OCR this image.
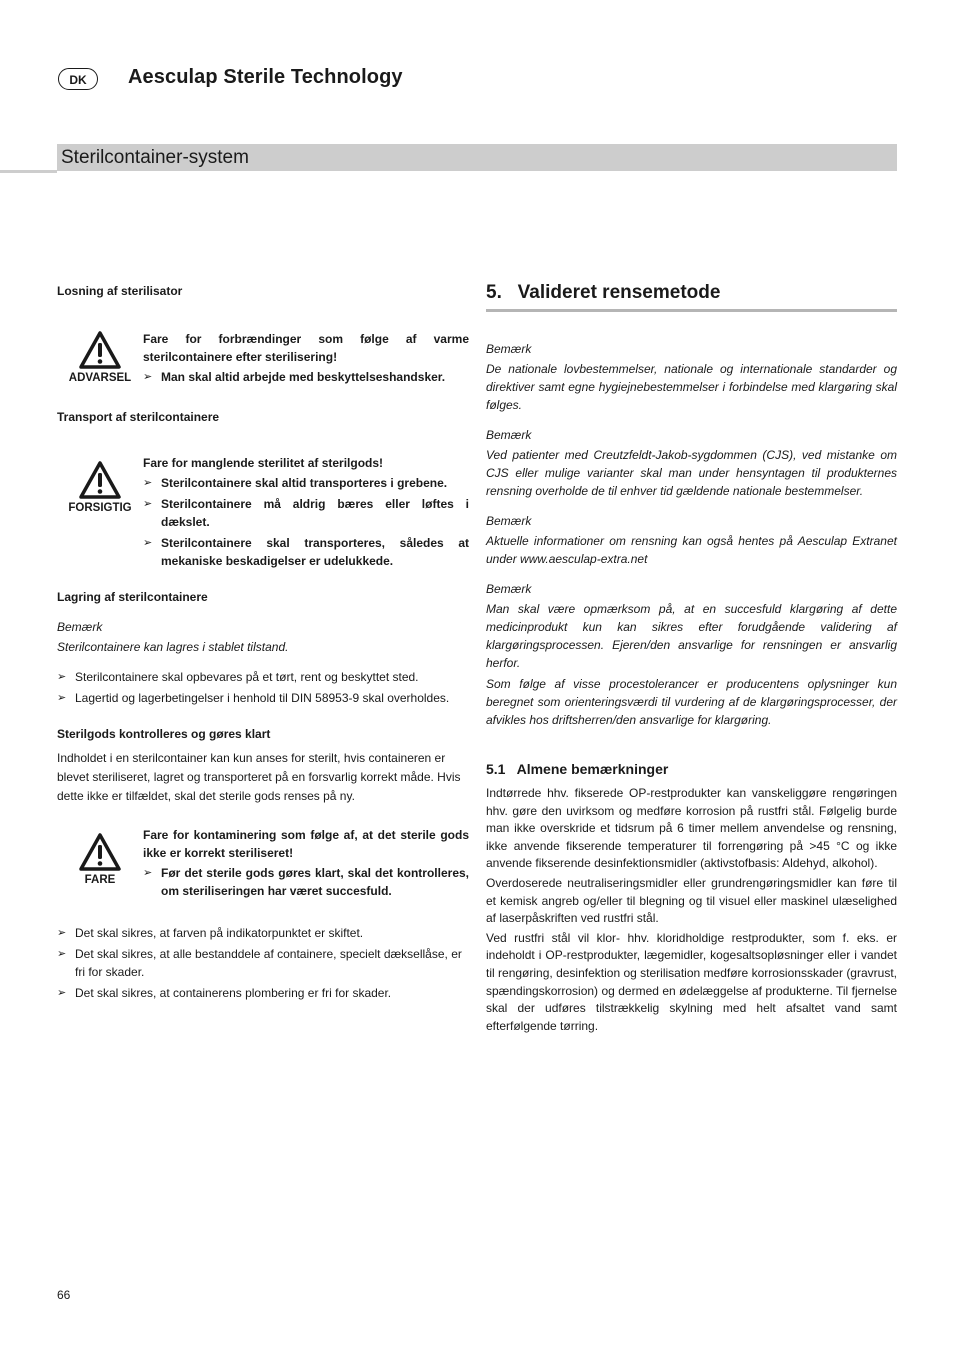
DK	Aesculap Sterile Technology
Sterilcontainer-system

Losning af sterilisator

ADVARSEL

Fare for forbrændinger som følge af varme sterilcontainere efter sterilisering!

➢ Man skal altid arbejde med beskyttelseshandsker.

Transport af sterilcontainere

FORSIGTIG

Fare for manglende sterilitet af sterilgods!

➢ Sterilcontainere skal altid transporteres i grebene.
➢ Sterilcontainere må aldrig bæres eller løftes i dækslet.
➢ Sterilcontainere skal transporteres, således at mekaniske beskadigelser er udelukkede.

Lagring af sterilcontainere

Bemærk

Sterilcontainere kan lagres i stablet tilstand.

➢ Sterilcontainere skal opbevares på et tørt, rent og beskyttet sted.
➢ Lagertid og lagerbetingelser i henhold til DIN 58953-9 skal overholdes.

Sterilgods kontrolleres og gøres klart

Indholdet i en sterilcontainer kan kun anses for sterilt, hvis containeren er blevet steriliseret, lagret og transporteret på en forsvarlig korrekt måde. Hvis dette ikke er tilfældet, skal det sterile gods renses på ny.

FARE

Fare for kontaminering som følge af, at det sterile gods ikke er korrekt steriliseret!

➢ Før det sterile gods gøres klart, skal det kontrolleres, om steriliseringen har været succesfuld.
➢ Det skal sikres, at farven på indikatorpunktet er skiftet.
➢ Det skal sikres, at alle bestanddele af containere, specielt dæksellåse, er fri for skader.
➢ Det skal sikres, at containerens plombering er fri for skader.

5.   Valideret rensemetode

Bemærk

De nationale lovbestemmelser, nationale og internationale standarder og direktiver samt egne hygiejnebestemmelser i forbindelse med klargøring skal følges.

Bemærk

Ved patienter med Creutzfeldt-Jakob-sygdommen (CJS), ved mistanke om CJS eller mulige varianter skal man under hensyntagen til produkternes rensning overholde de til enhver tid gældende nationale bestemmelser.

Bemærk

Aktuelle informationer om rensning kan også hentes på Aesculap Extranet under www.aesculap-extra.net

Bemærk

Man skal være opmærksom på, at en succesfuld klargøring af dette medicinprodukt kun kan sikres efter forudgående validering af klargøringsprocessen. Ejeren/den ansvarlige for rensningen er ansvarlig herfor.

Som følge af visse procestolerancer er producentens oplysninger kun beregnet som orienteringsværdi til vurdering af de klargøringsprocesser, der afvikles hos driftsherren/den ansvarlige for klargøring.

5.1   Almene bemærkninger

Indtørrede hhv. fikserede OP-restprodukter kan vanskeliggøre rengøringen hhv. gøre den uvirksom og medføre korrosion på rustfri stål. Følgelig burde man ikke overskride et tidsrum på 6 timer mellem anvendelse og rensning, ikke anvende fikserende temperaturer til forrengøring på >45 °C og ikke anvende fikserende desinfektionsmidler (aktivstofbasis: Aldehyd, alkohol).

Overdoserede neutraliseringsmidler eller grundrengøringsmidler kan føre til et kemisk angreb og/eller til blegning og til visuel eller maskinel ulæselighed af laserpåskriften ved rustfri stål.

Ved rustfri stål vil klor- hhv. kloridholdige restprodukter, som f. eks. er indeholdt i OP-restprodukter, lægemidler, kogesaltsopløsninger eller i vandet til rengøring, desinfektion og sterilisation medføre korrosionsskader (gravrust, spændingskorrosion) og dermed en ødelæggelse af produkterne. Til fjernelse skal der udføres tilstrækkelig skylning med helt afsaltet vand samt efterfølgende tørring.

66
